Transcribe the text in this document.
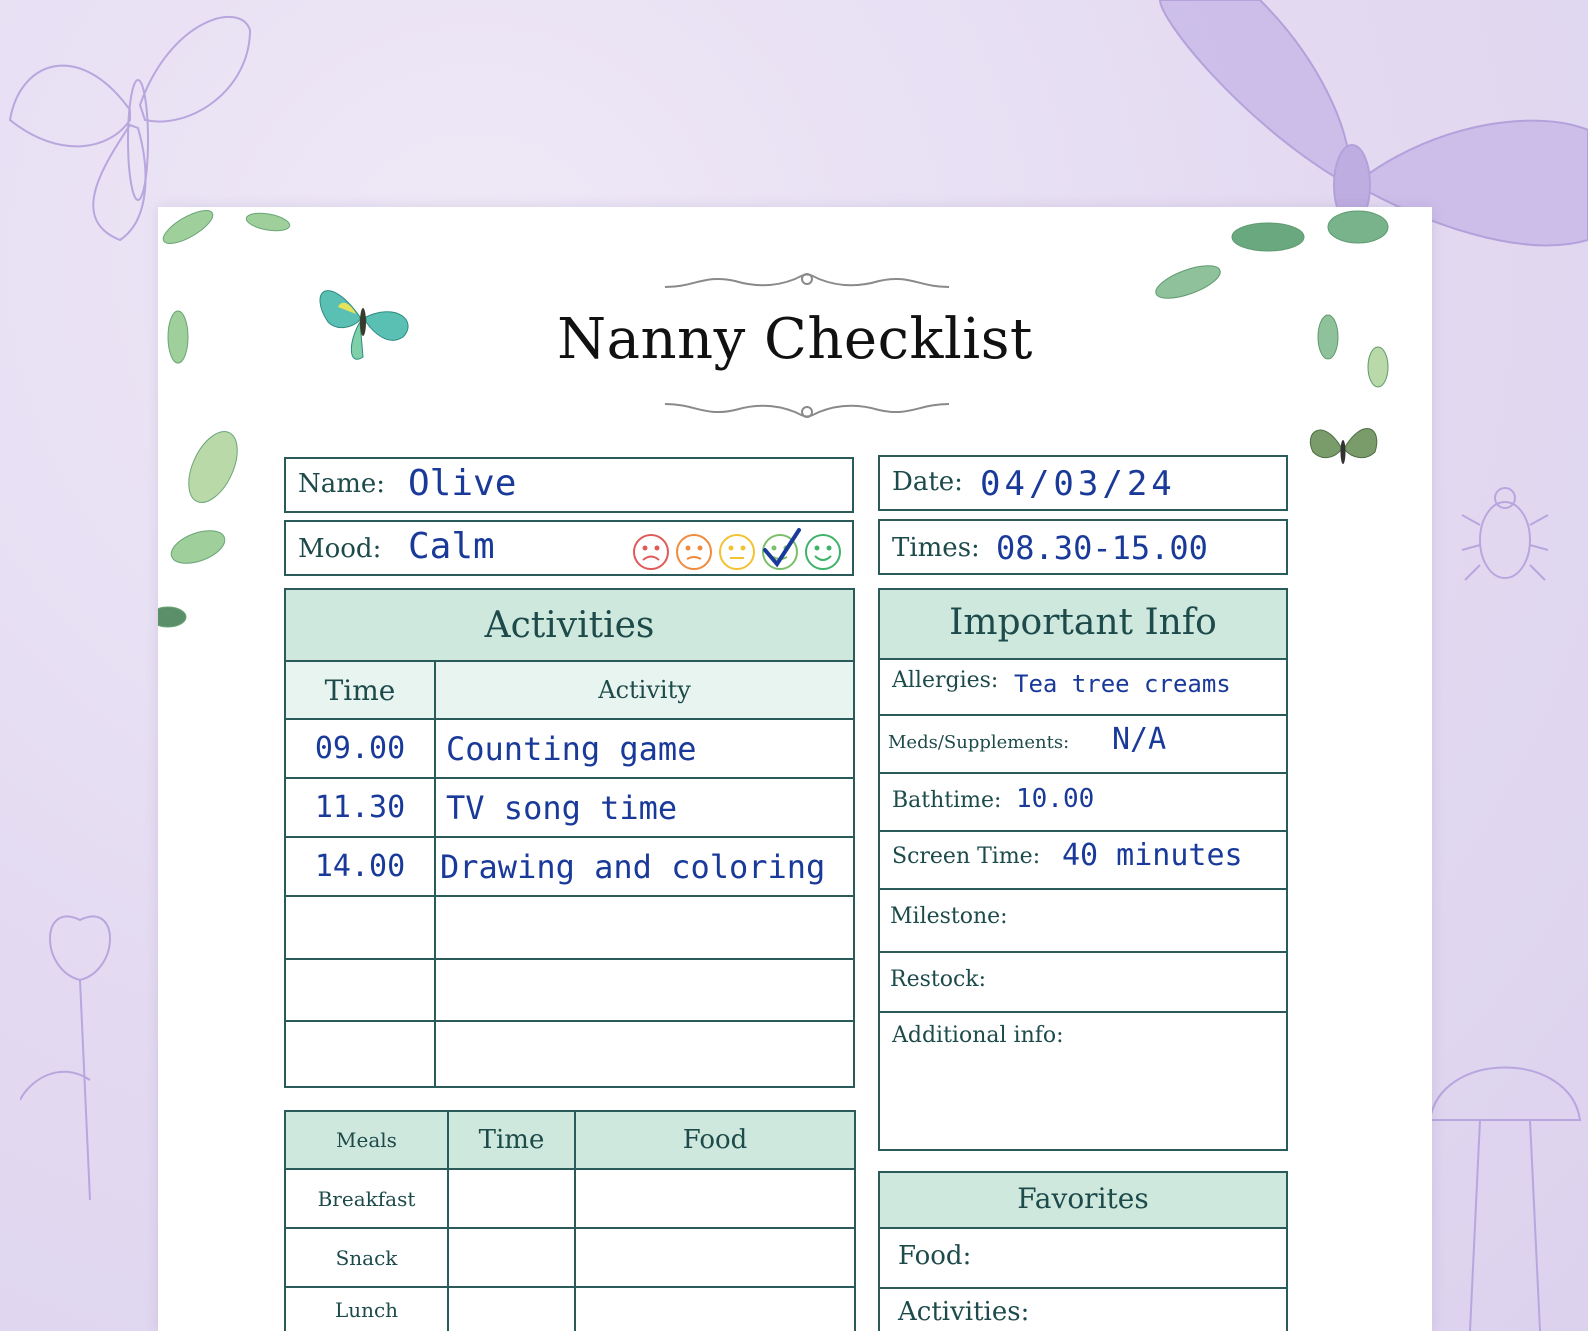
Nanny Checklist
Name: Olive	Date: 04/03/24
Mood: Calm	Times: 08.30-15.00
Activities	
Time	Activity
09.00	Counting game
11.30	TV song time
14.00	Drawing and coloring

Important Info
Allergies: Tea tree creams
Meds/Supplements: N/A
Bathtime: 10.00
Screen Time: 40 minutes
Milestone:
Restock:
Additional info:
Meals	Time	Food
Breakfast		
Snack		
Lunch		
Favorites
Food:
Activities:
